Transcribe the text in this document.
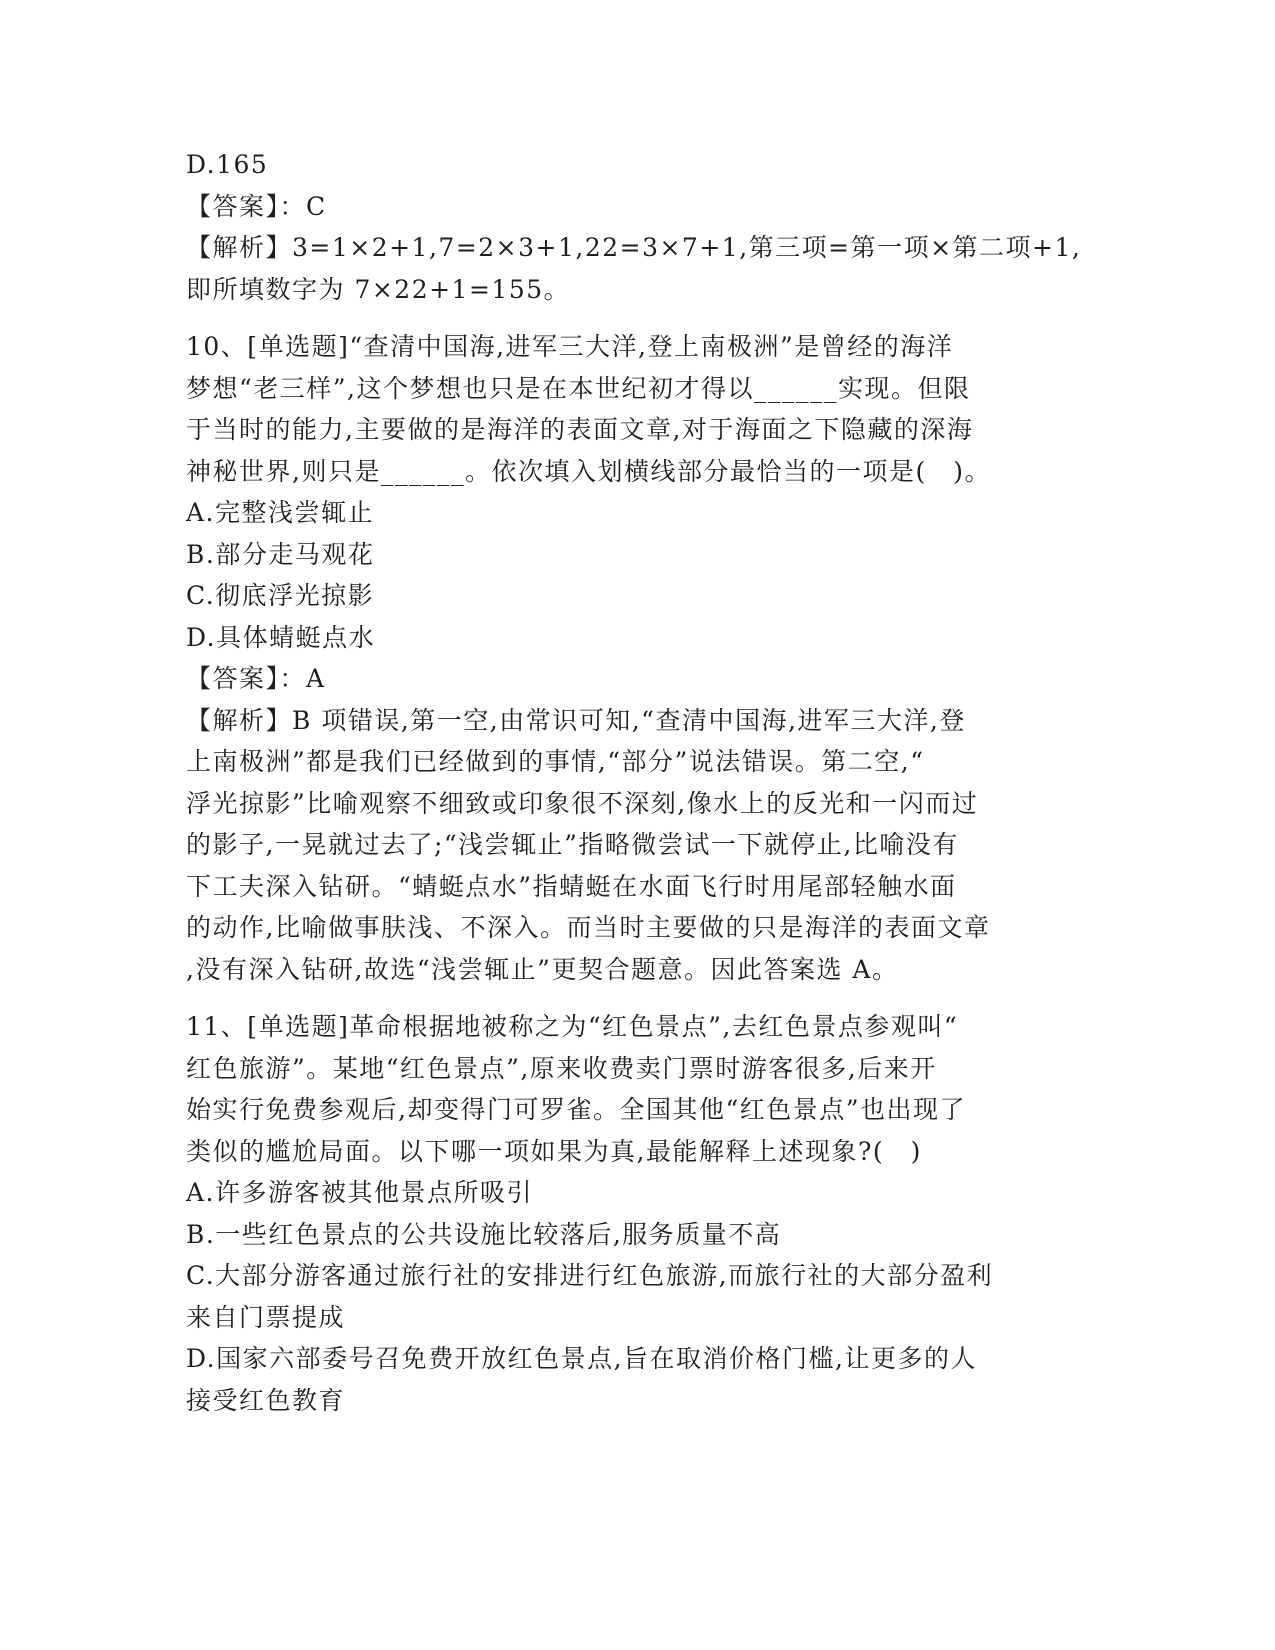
D.165
【答案】：C
【解析】3=1×2+1,7=2×3+1,22=3×7+1,第三项=第一项×第二项+1,
即所填数字为 7×22+1=155。
10、[单选题]“查清中国海,进军三大洋,登上南极洲”是曾经的海洋
梦想“老三样”,这个梦想也只是在本世纪初才得以______实现。但限
于当时的能力,主要做的是海洋的表面文章,对于海面之下隐藏的深海
神秘世界,则只是______。依次填入划横线部分最恰当的一项是(　)。
A.完整浅尝辄止
B.部分走马观花
C.彻底浮光掠影
D.具体蜻蜓点水
【答案】：A
【解析】B 项错误,第一空,由常识可知,“查清中国海,进军三大洋,登
上南极洲”都是我们已经做到的事情,“部分”说法错误。第二空,“
浮光掠影”比喻观察不细致或印象很不深刻,像水上的反光和一闪而过
的影子,一晃就过去了;“浅尝辄止”指略微尝试一下就停止,比喻没有
下工夫深入钻研。“蜻蜓点水”指蜻蜓在水面飞行时用尾部轻触水面
的动作,比喻做事肤浅、不深入。而当时主要做的只是海洋的表面文章
,没有深入钻研,故选“浅尝辄止”更契合题意。因此答案选 A。
11、[单选题]革命根据地被称之为“红色景点”,去红色景点参观叫“
红色旅游”。某地“红色景点”,原来收费卖门票时游客很多,后来开
始实行免费参观后,却变得门可罗雀。全国其他“红色景点”也出现了
类似的尴尬局面。以下哪一项如果为真,最能解释上述现象?(　)
A.许多游客被其他景点所吸引
B.一些红色景点的公共设施比较落后,服务质量不高
C.大部分游客通过旅行社的安排进行红色旅游,而旅行社的大部分盈利
来自门票提成
D.国家六部委号召免费开放红色景点,旨在取消价格门槛,让更多的人
接受红色教育
